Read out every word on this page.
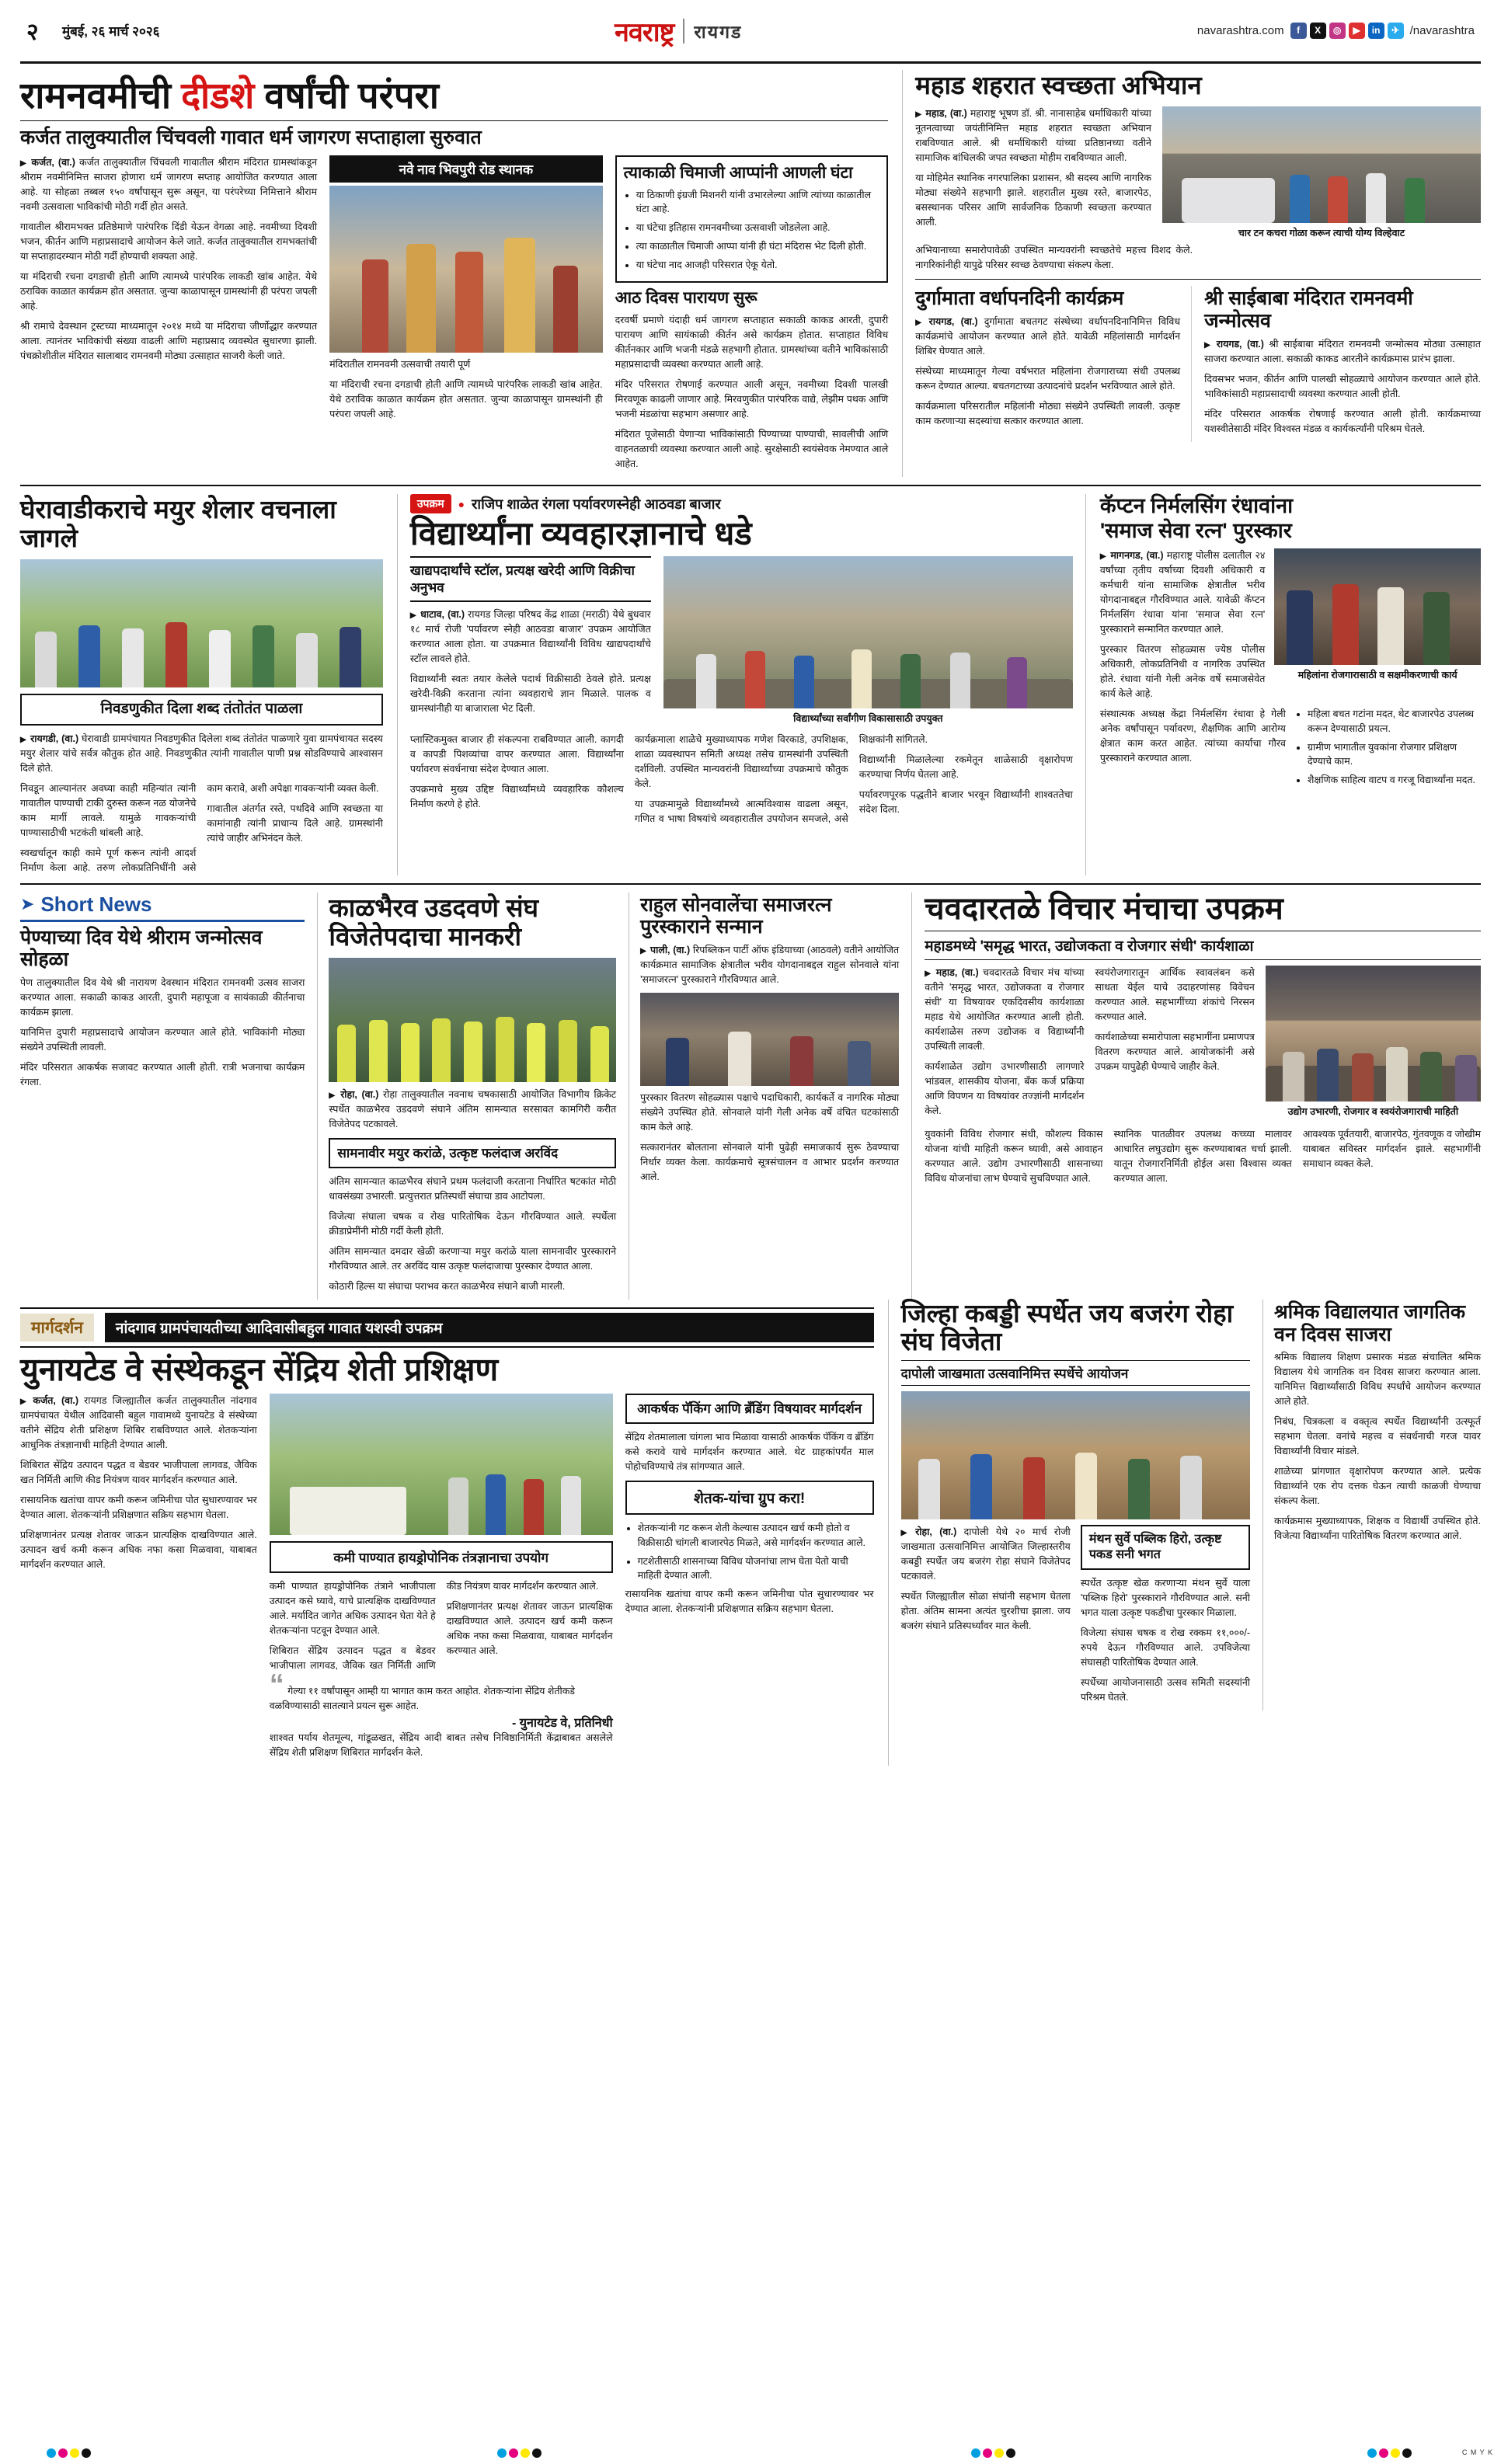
२	मुंबई, २६ मार्च २०२६	नवराष्ट्र रायगड	navarashtra.com	f	X	◎	▶	in	✈ /navarashtra
रामनवमीची दीडशे वर्षांची परंपरा
कर्जत तालुक्यातील चिंचवली गावात धर्म जागरण सप्ताहाला सुरुवात

▶ कर्जत, (वा.) कर्जत तालुक्यातील चिंचवली गावातील श्रीराम मंदिरात ग्रामस्थांकडून श्रीराम नवमीनिमित्त साजरा होणारा धर्म जागरण सप्ताह आयोजित करण्यात आला आहे. या सोहळा तब्बल १५० वर्षांपासून सुरू असून, या परंपरेच्या निमित्ताने श्रीराम नवमी उत्सवाला भाविकांची मोठी गर्दी होत असते.

गावातील श्रीरामभक्त प्रतिष्ठेमाणे पारंपरिक दिंडी येऊन वेगळा आहे. नवमीच्या दिवशी भजन, कीर्तन आणि महाप्रसादाचे आयोजन केले जाते. कर्जत तालुक्यातील रामभक्तांची या सप्ताहादरम्यान मोठी गर्दी होण्याची शक्यता आहे.

या मंदिराची रचना दगडाची होती आणि त्यामध्ये पारंपरिक लाकडी खांब आहेत. येथे ठराविक काळात कार्यक्रम होत असतात. जुन्या काळापासून ग्रामस्थांनी ही परंपरा जपली आहे.

श्री रामाचे देवस्थान ट्रस्टच्या माध्यमातून २०१४ मध्ये या मंदिराचा जीर्णोद्धार करण्यात आला. त्यानंतर भाविकांची संख्या वाढली आणि महाप्रसाद व्यवस्थेत सुधारणा झाली. पंचक्रोशीतील मंदिरात सालाबाद रामनवमी मोठ्या उत्साहात साजरी केली जाते.

नवे नाव भिवपुरी रोड स्थानक

मंदिरातील रामनवमी उत्सवाची तयारी पूर्ण

या मंदिराची रचना दगडाची होती आणि त्यामध्ये पारंपरिक लाकडी खांब आहेत. येथे ठराविक काळात कार्यक्रम होत असतात. जुन्या काळापासून ग्रामस्थांनी ही परंपरा जपली आहे.

त्याकाळी चिमाजी आप्पांनी आणली घंटा
• या ठिकाणी इंग्रजी मिशनरी यांनी उभारलेल्या आणि त्यांच्या काळातील घंटा आहे.
• या घंटेचा इतिहास रामनवमीच्या उत्सवाशी जोडलेला आहे.
• त्या काळातील चिमाजी आप्पा यांनी ही घंटा मंदिरास भेट दिली होती.
• या घंटेचा नाद आजही परिसरात ऐकू येतो.
आठ दिवस पारायण सुरू

दरवर्षी प्रमाणे यंदाही धर्म जागरण सप्ताहात सकाळी काकड आरती, दुपारी पारायण आणि सायंकाळी कीर्तन असे कार्यक्रम होतात. सप्ताहात विविध कीर्तनकार आणि भजनी मंडळे सहभागी होतात. ग्रामस्थांच्या वतीने भाविकांसाठी महाप्रसादाची व्यवस्था करण्यात आली आहे.

मंदिर परिसरात रोषणाई करण्यात आली असून, नवमीच्या दिवशी पालखी मिरवणूक काढली जाणार आहे. मिरवणुकीत पारंपरिक वाद्ये, लेझीम पथक आणि भजनी मंडळांचा सहभाग असणार आहे.

मंदिरात पूजेसाठी येणाऱ्या भाविकांसाठी पिण्याच्या पाण्याची, सावलीची आणि वाहनतळाची व्यवस्था करण्यात आली आहे. सुरक्षेसाठी स्वयंसेवक नेमण्यात आले आहेत.

महाड शहरात स्वच्छता अभियान

▶ महाड, (वा.) महाराष्ट्र भूषण डॉ. श्री. नानासाहेब धर्माधिकारी यांच्या नूतनत्वाच्या जयंतीनिमित्त महाड शहरात स्वच्छता अभियान राबविण्यात आले. श्री धर्माधिकारी यांच्या प्रतिष्ठानच्या वतीने सामाजिक बांधिलकी जपत स्वच्छता मोहीम राबविण्यात आली.

या मोहिमेत स्थानिक नगरपालिका प्रशासन, श्री सदस्य आणि नागरिक मोठ्या संख्येने सहभागी झाले. शहरातील मुख्य रस्ते, बाजारपेठ, बसस्थानक परिसर आणि सार्वजनिक ठिकाणी स्वच्छता करण्यात आली.

चार टन कचरा गोळा करून त्याची योग्य विल्हेवाट

अभियानाच्या समारोपावेळी उपस्थित मान्यवरांनी स्वच्छतेचे महत्त्व विशद केले. नागरिकांनीही यापुढे परिसर स्वच्छ ठेवण्याचा संकल्प केला.

दुर्गामाता वर्धापनदिनी कार्यक्रम

▶ रायगड, (वा.) दुर्गामाता बचतगट संस्थेच्या वर्धापनदिनानिमित्त विविध कार्यक्रमांचे आयोजन करण्यात आले होते. यावेळी महिलांसाठी मार्गदर्शन शिबिर घेण्यात आले.

संस्थेच्या माध्यमातून गेल्या वर्षभरात महिलांना रोजगाराच्या संधी उपलब्ध करून देण्यात आल्या. बचतगटाच्या उत्पादनांचे प्रदर्शन भरविण्यात आले होते.

कार्यक्रमाला परिसरातील महिलांनी मोठ्या संख्येने उपस्थिती लावली. उत्कृष्ट काम करणाऱ्या सदस्यांचा सत्कार करण्यात आला.

श्री साईबाबा मंदिरात रामनवमी जन्मोत्सव

▶ रायगड, (वा.) श्री साईबाबा मंदिरात रामनवमी जन्मोत्सव मोठ्या उत्साहात साजरा करण्यात आला. सकाळी काकड आरतीने कार्यक्रमास प्रारंभ झाला.

दिवसभर भजन, कीर्तन आणि पालखी सोहळ्याचे आयोजन करण्यात आले होते. भाविकांसाठी महाप्रसादाची व्यवस्था करण्यात आली होती.

मंदिर परिसरात आकर्षक रोषणाई करण्यात आली होती. कार्यक्रमाच्या यशस्वीतेसाठी मंदिर विश्वस्त मंडळ व कार्यकर्त्यांनी परिश्रम घेतले.

घेरावाडीकराचे मयुर शेलार वचनाला जागले
निवडणुकीत दिला शब्द तंतोतंत पाळला

▶ रायगडी, (वा.) घेरावाडी ग्रामपंचायत निवडणुकीत दिलेला शब्द तंतोतंत पाळणारे युवा ग्रामपंचायत सदस्य मयुर शेलार यांचे सर्वत्र कौतुक होत आहे. निवडणुकीत त्यांनी गावातील पाणी प्रश्न सोडविण्याचे आश्वासन दिले होते.

निवडून आल्यानंतर अवघ्या काही महिन्यांत त्यांनी गावातील पाण्याची टाकी दुरुस्त करून नळ योजनेचे काम मार्गी लावले. यामुळे गावकऱ्यांची पाण्यासाठीची भटकंती थांबली आहे.

स्वखर्चातून काही कामे पूर्ण करून त्यांनी आदर्श निर्माण केला आहे. तरुण लोकप्रतिनिधींनी असे काम करावे, अशी अपेक्षा गावकऱ्यांनी व्यक्त केली.

गावातील अंतर्गत रस्ते, पथदिवे आणि स्वच्छता या कामांनाही त्यांनी प्राधान्य दिले आहे. ग्रामस्थांनी त्यांचे जाहीर अभिनंदन केले.

उपक्रम	● राजिप शाळेत रंगला पर्यावरणस्नेही आठवडा बाजार
विद्यार्थ्यांना व्यवहारज्ञानाचे धडे
खाद्यपदार्थांचे स्टॉल, प्रत्यक्ष खरेदी आणि विक्रीचा अनुभव

▶ धाटाव, (वा.) रायगड जिल्हा परिषद केंद्र शाळा (मराठी) येथे बुधवार १८ मार्च रोजी 'पर्यावरण स्नेही आठवडा बाजार' उपक्रम आयोजित करण्यात आला होता. या उपक्रमात विद्यार्थ्यांनी विविध खाद्यपदार्थांचे स्टॉल लावले होते.

विद्यार्थ्यांनी स्वतः तयार केलेले पदार्थ विक्रीसाठी ठेवले होते. प्रत्यक्ष खरेदी-विक्री करताना त्यांना व्यवहाराचे ज्ञान मिळाले. पालक व ग्रामस्थांनीही या बाजाराला भेट दिली.

विद्यार्थ्यांच्या सर्वांगीण विकासासाठी उपयुक्त

प्लास्टिकमुक्त बाजार ही संकल्पना राबविण्यात आली. कागदी व कापडी पिशव्यांचा वापर करण्यात आला. विद्यार्थ्यांना पर्यावरण संवर्धनाचा संदेश देण्यात आला.

उपक्रमाचे मुख्य उद्दिष्ट विद्यार्थ्यांमध्ये व्यवहारिक कौशल्य निर्माण करणे हे होते.

कार्यक्रमाला शाळेचे मुख्याध्यापक गणेश विरकाडे, उपशिक्षक, शाळा व्यवस्थापन समिती अध्यक्ष तसेच ग्रामस्थांनी उपस्थिती दर्शविली. उपस्थित मान्यवरांनी विद्यार्थ्यांच्या उपक्रमाचे कौतुक केले.

या उपक्रमामुळे विद्यार्थ्यांमध्ये आत्मविश्वास वाढला असून, गणित व भाषा विषयांचे व्यवहारातील उपयोजन समजले, असे शिक्षकांनी सांगितले.

विद्यार्थ्यांनी मिळालेल्या रकमेतून शाळेसाठी वृक्षारोपण करण्याचा निर्णय घेतला आहे.

पर्यावरणपूरक पद्धतीने बाजार भरवून विद्यार्थ्यांनी शाश्वततेचा संदेश दिला.

कॅप्टन निर्मलसिंग रंधावांना
'समाज सेवा रत्न' पुरस्कार

▶ मागनगड, (वा.) महाराष्ट्र पोलीस दलातील २४ वर्षांच्या तृतीय वर्षाच्या दिवशी अधिकारी व कर्मचारी यांना सामाजिक क्षेत्रातील भरीव योगदानाबद्दल गौरविण्यात आले. यावेळी कॅप्टन निर्मलसिंग रंधावा यांना 'समाज सेवा रत्न' पुरस्काराने सन्मानित करण्यात आले.

पुरस्कार वितरण सोहळ्यास ज्येष्ठ पोलीस अधिकारी, लोकप्रतिनिधी व नागरिक उपस्थित होते. रंधावा यांनी गेली अनेक वर्षे समाजसेवेत कार्य केले आहे.

महिलांना रोजगारासाठी व सक्षमीकरणाची कार्य

संस्थात्मक अध्यक्ष केंद्रा निर्मलसिंग रंधावा हे गेली अनेक वर्षांपासून पर्यावरण, शैक्षणिक आणि आरोग्य क्षेत्रात काम करत आहेत. त्यांच्या कार्याचा गौरव पुरस्काराने करण्यात आला.

• महिला बचत गटांना मदत, थेट बाजारपेठ उपलब्ध करून देण्यासाठी प्रयत्न.
• ग्रामीण भागातील युवकांना रोजगार प्रशिक्षण देण्याचे काम.
• शैक्षणिक साहित्य वाटप व गरजू विद्यार्थ्यांना मदत.
➤ Short News
पेण्याच्या दिव येथे श्रीराम जन्मोत्सव सोहळा

पेण तालुक्यातील दिव येथे श्री नारायण देवस्थान मंदिरात रामनवमी उत्सव साजरा करण्यात आला. सकाळी काकड आरती, दुपारी महापूजा व सायंकाळी कीर्तनाचा कार्यक्रम झाला.

यानिमित्त दुपारी महाप्रसादाचे आयोजन करण्यात आले होते. भाविकांनी मोठ्या संख्येने उपस्थिती लावली.

मंदिर परिसरात आकर्षक सजावट करण्यात आली होती. रात्री भजनाचा कार्यक्रम रंगला.

काळभैरव उडदवणे संघ विजेतेपदाचा मानकरी

▶ रोहा, (वा.) रोहा तालुक्यातील नवनाथ चषकासाठी आयोजित विभागीय क्रिकेट स्पर्धेत काळभैरव उडदवणे संघाने अंतिम सामन्यात सरसावत कामगिरी करीत विजेतेपद पटकावले.

सामनावीर मयुर करांळे, उत्कृष्ट फलंदाज अरविंद

अंतिम सामन्यात काळभैरव संघाने प्रथम फलंदाजी करताना निर्धारित षटकांत मोठी धावसंख्या उभारली. प्रत्युत्तरात प्रतिस्पर्धी संघाचा डाव आटोपला.

विजेत्या संघाला चषक व रोख पारितोषिक देऊन गौरविण्यात आले. स्पर्धेला क्रीडाप्रेमींनी मोठी गर्दी केली होती.

अंतिम सामन्यात दमदार खेळी करणाऱ्या मयुर करांळे याला सामनावीर पुरस्काराने गौरविण्यात आले. तर अरविंद यास उत्कृष्ट फलंदाजाचा पुरस्कार देण्यात आला.

कोठारी हिल्स या संघाचा पराभव करत काळभैरव संघाने बाजी मारली.

राहुल सोनवालेंचा समाजरत्न पुरस्काराने सन्मान

▶ पाली, (वा.) रिपब्लिकन पार्टी ऑफ इंडियाच्या (आठवले) वतीने आयोजित कार्यक्रमात सामाजिक क्षेत्रातील भरीव योगदानाबद्दल राहुल सोनवाले यांना 'समाजरत्न' पुरस्काराने गौरविण्यात आले.

पुरस्कार वितरण सोहळ्यास पक्षाचे पदाधिकारी, कार्यकर्ते व नागरिक मोठ्या संख्येने उपस्थित होते. सोनवाले यांनी गेली अनेक वर्षे वंचित घटकांसाठी काम केले आहे.

सत्कारानंतर बोलताना सोनवाले यांनी पुढेही समाजकार्य सुरू ठेवण्याचा निर्धार व्यक्त केला. कार्यक्रमाचे सूत्रसंचालन व आभार प्रदर्शन करण्यात आले.

चवदारतळे विचार मंचाचा उपक्रम
महाडमध्ये 'समृद्ध भारत, उद्योजकता व रोजगार संधी' कार्यशाळा

▶ महाड, (वा.) चवदारतळे विचार मंच यांच्या वतीने 'समृद्ध भारत, उद्योजकता व रोजगार संधी' या विषयावर एकदिवसीय कार्यशाळा महाड येथे आयोजित करण्यात आली होती. कार्यशाळेस तरुण उद्योजक व विद्यार्थ्यांनी उपस्थिती लावली.

कार्यशाळेत उद्योग उभारणीसाठी लागणारे भांडवल, शासकीय योजना, बँक कर्ज प्रक्रिया आणि विपणन या विषयांवर तज्ज्ञांनी मार्गदर्शन केले.

स्वयंरोजगारातून आर्थिक स्वावलंबन कसे साधता येईल याचे उदाहरणांसह विवेचन करण्यात आले. सहभागींच्या शंकांचे निरसन करण्यात आले.

कार्यशाळेच्या समारोपाला सहभागींना प्रमाणपत्र वितरण करण्यात आले. आयोजकांनी असे उपक्रम यापुढेही घेण्याचे जाहीर केले.

उद्योग उभारणी, रोजगार व स्वयंरोजगाराची माहिती

युवकांनी विविध रोजगार संधी, कौशल्य विकास योजना यांची माहिती करून घ्यावी, असे आवाहन करण्यात आले. उद्योग उभारणीसाठी शासनाच्या विविध योजनांचा लाभ घेण्याचे सुचविण्यात आले.

स्थानिक पातळीवर उपलब्ध कच्च्या मालावर आधारित लघुउद्योग सुरू करण्याबाबत चर्चा झाली. यातून रोजगारनिर्मिती होईल असा विश्वास व्यक्त करण्यात आला.

आवश्यक पूर्वतयारी, बाजारपेठ, गुंतवणूक व जोखीम याबाबत सविस्तर मार्गदर्शन झाले. सहभागींनी समाधान व्यक्त केले.

मार्गदर्शन	नांदगाव ग्रामपंचायतीच्या आदिवासीबहुल गावात यशस्वी उपक्रम
युनायटेड वे संस्थेकडून सेंद्रिय शेती प्रशिक्षण

▶ कर्जत, (वा.) रायगड जिल्ह्यातील कर्जत तालुक्यातील नांदगाव ग्रामपंचायत येथील आदिवासी बहुल गावामध्ये युनायटेड वे संस्थेच्या वतीने सेंद्रिय शेती प्रशिक्षण शिबिर राबविण्यात आले. शेतकऱ्यांना आधुनिक तंत्रज्ञानाची माहिती देण्यात आली.

शिबिरात सेंद्रिय उत्पादन पद्धत व बेडवर भाजीपाला लागवड, जैविक खत निर्मिती आणि कीड नियंत्रण यावर मार्गदर्शन करण्यात आले.

रासायनिक खतांचा वापर कमी करून जमिनीचा पोत सुधारण्यावर भर देण्यात आला. शेतकऱ्यांनी प्रशिक्षणात सक्रिय सहभाग घेतला.

प्रशिक्षणानंतर प्रत्यक्ष शेतावर जाऊन प्रात्यक्षिक दाखविण्यात आले. उत्पादन खर्च कमी करून अधिक नफा कसा मिळवावा, याबाबत मार्गदर्शन करण्यात आले.	कमी पाण्यात हायड्रोपोनिक तंत्रज्ञानाचा उपयोग

कमी पाण्यात हायड्रोपोनिक तंत्राने भाजीपाला उत्पादन कसे घ्यावे, याचे प्रात्यक्षिक दाखविण्यात आले. मर्यादित जागेत अधिक उत्पादन घेता येते हे शेतकऱ्यांना पटवून देण्यात आले.

शिबिरात सेंद्रिय उत्पादन पद्धत व बेडवर भाजीपाला लागवड, जैविक खत निर्मिती आणि कीड नियंत्रण यावर मार्गदर्शन करण्यात आले.

प्रशिक्षणानंतर प्रत्यक्ष शेतावर जाऊन प्रात्यक्षिक दाखविण्यात आले. उत्पादन खर्च कमी करून अधिक नफा कसा मिळवावा, याबाबत मार्गदर्शन करण्यात आले.

“ गेल्या ११ वर्षांपासून आम्ही या भागात काम करत आहोत. शेतकऱ्यांना सेंद्रिय शेतीकडे वळविण्यासाठी सातत्याने प्रयत्न सुरू आहेत.

- युनायटेड वे, प्रतिनिधी

शाश्वत पर्याय शेतमूल्य, गांडूळखत, सेंद्रिय आदी बाबत तसेच निविष्ठानिर्मिती केंद्राबाबत असलेले सेंद्रिय शेती प्रशिक्षण शिबिरात मार्गदर्शन केले.

आकर्षक पॅकिंग आणि ब्रॅंडिंग विषयावर मार्गदर्शन

सेंद्रिय शेतमालाला चांगला भाव मिळावा यासाठी आकर्षक पॅकिंग व ब्रॅंडिंग कसे करावे याचे मार्गदर्शन करण्यात आले. थेट ग्राहकांपर्यंत माल पोहोचविण्याचे तंत्र सांगण्यात आले.

शेतक-यांचा ग्रुप करा!
• शेतकऱ्यांनी गट करून शेती केल्यास उत्पादन खर्च कमी होतो व विक्रीसाठी चांगली बाजारपेठ मिळते, असे मार्गदर्शन करण्यात आले.
• गटशेतीसाठी शासनाच्या विविध योजनांचा लाभ घेता येतो याची माहिती देण्यात आली.

रासायनिक खतांचा वापर कमी करून जमिनीचा पोत सुधारण्यावर भर देण्यात आला. शेतकऱ्यांनी प्रशिक्षणात सक्रिय सहभाग घेतला.

जिल्हा कबड्डी स्पर्धेत जय बजरंग रोहा संघ विजेता
दापोली जाखमाता उत्सवानिमित्त स्पर्धेचे आयोजन

▶ रोहा, (वा.) दापोली येथे २० मार्च रोजी जाखमाता उत्सवानिमित्त आयोजित जिल्हास्तरीय कबड्डी स्पर्धेत जय बजरंग रोहा संघाने विजेतेपद पटकावले.

स्पर्धेत जिल्ह्यातील सोळा संघांनी सहभाग घेतला होता. अंतिम सामना अत्यंत चुरशीचा झाला. जय बजरंग संघाने प्रतिस्पर्ध्यांवर मात केली.

मंथन सुर्वे पब्लिक हिरो, उत्कृष्ट पकड सनी भगत

स्पर्धेत उत्कृष्ट खेळ करणाऱ्या मंथन सुर्वे याला 'पब्लिक हिरो' पुरस्काराने गौरविण्यात आले. सनी भगत याला उत्कृष्ट पकडीचा पुरस्कार मिळाला.

विजेत्या संघास चषक व रोख रक्कम ११,०००/- रुपये देऊन गौरविण्यात आले. उपविजेत्या संघासही पारितोषिक देण्यात आले.

स्पर्धेच्या आयोजनासाठी उत्सव समिती सदस्यांनी परिश्रम घेतले.

श्रमिक विद्यालयात जागतिक वन दिवस साजरा

श्रमिक विद्यालय शिक्षण प्रसारक मंडळ संचालित श्रमिक विद्यालय येथे जागतिक वन दिवस साजरा करण्यात आला. यानिमित्त विद्यार्थ्यांसाठी विविध स्पर्धांचे आयोजन करण्यात आले होते.

निबंध, चित्रकला व वक्तृत्व स्पर्धेत विद्यार्थ्यांनी उत्स्फूर्त सहभाग घेतला. वनांचे महत्त्व व संवर्धनाची गरज यावर विद्यार्थ्यांनी विचार मांडले.

शाळेच्या प्रांगणात वृक्षारोपण करण्यात आले. प्रत्येक विद्यार्थ्याने एक रोप दत्तक घेऊन त्याची काळजी घेण्याचा संकल्प केला.

कार्यक्रमास मुख्याध्यापक, शिक्षक व विद्यार्थी उपस्थित होते. विजेत्या विद्यार्थ्यांना पारितोषिक वितरण करण्यात आले.

C M Y K
